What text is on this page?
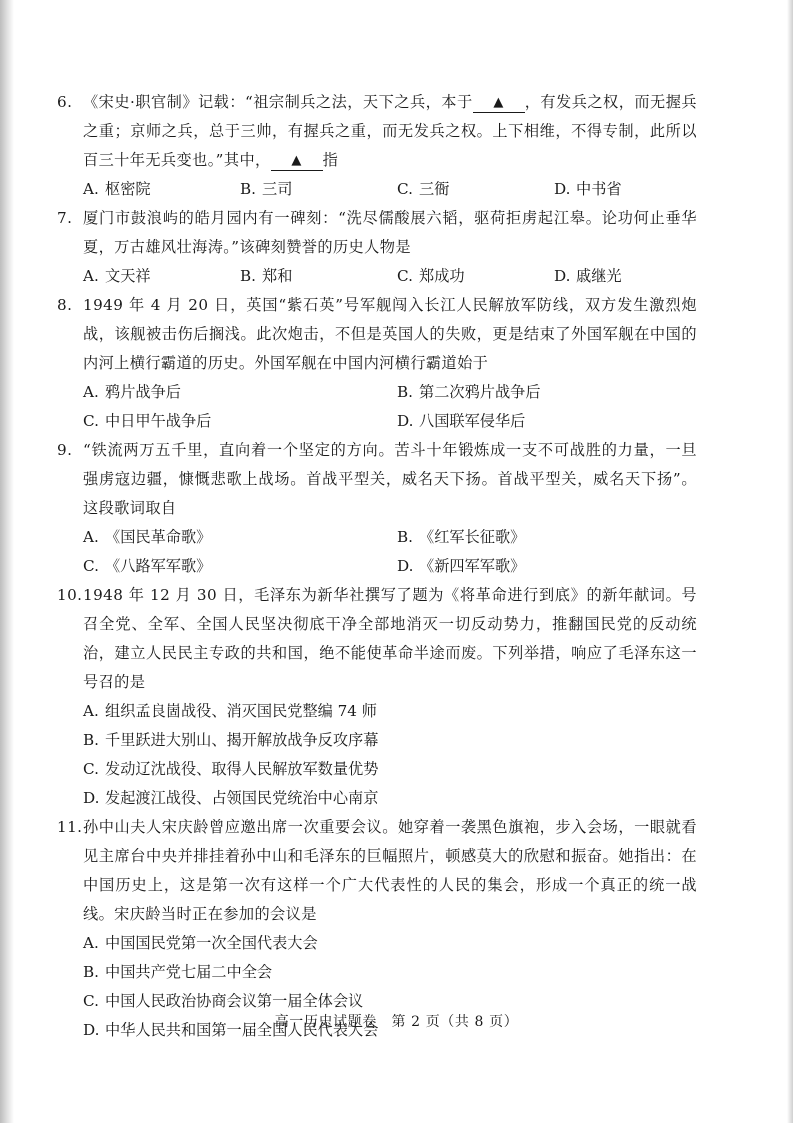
6. 《宋史·职官制》记载：“祖宗制兵之法，天下之兵，本于 ▲ ，有发兵之权，而无握兵之重；京师之兵，总于三帅，有握兵之重，而无发兵之权。上下相维，不得专制，此所以百三十年无兵变也。”其中， ▲ 指
A. 枢密院	B. 三司	C. 三衙	D. 中书省
7. 厦门市鼓浪屿的皓月园内有一碑刻：“洗尽儒酸展六韬，驱荷拒虏起江皋。论功何止垂华夏，万古雄风壮海涛。”该碑刻赞誉的历史人物是
A. 文天祥	B. 郑和	C. 郑成功	D. 戚继光
8. 1949 年 4 月 20 日，英国“紫石英”号军舰闯入长江人民解放军防线，双方发生激烈炮战，该舰被击伤后搁浅。此次炮击，不但是英国人的失败，更是结束了外国军舰在中国的内河上横行霸道的历史。外国军舰在中国内河横行霸道始于
A. 鸦片战争后	B. 第二次鸦片战争后
C. 中日甲午战争后	D. 八国联军侵华后
9. “铁流两万五千里，直向着一个坚定的方向。苦斗十年锻炼成一支不可战胜的力量，一旦强虏寇边疆，慷慨悲歌上战场。首战平型关，威名天下扬。首战平型关，威名天下扬”。这段歌词取自
A. 《国民革命歌》	B. 《红军长征歌》
C. 《八路军军歌》	D. 《新四军军歌》
10. 1948 年 12 月 30 日，毛泽东为新华社撰写了题为《将革命进行到底》的新年献词。号召全党、全军、全国人民坚决彻底干净全部地消灭一切反动势力，推翻国民党的反动统治，建立人民民主专政的共和国，绝不能使革命半途而废。下列举措，响应了毛泽东这一号召的是
A. 组织孟良崮战役、消灭国民党整编 74 师
B. 千里跃进大别山、揭开解放战争反攻序幕
C. 发动辽沈战役、取得人民解放军数量优势
D. 发起渡江战役、占领国民党统治中心南京
11. 孙中山夫人宋庆龄曾应邀出席一次重要会议。她穿着一袭黑色旗袍，步入会场，一眼就看见主席台中央并排挂着孙中山和毛泽东的巨幅照片，顿感莫大的欣慰和振奋。她指出：在中国历史上，这是第一次有这样一个广大代表性的人民的集会，形成一个真正的统一战线。宋庆龄当时正在参加的会议是
A. 中国国民党第一次全国代表大会
B. 中国共产党七届二中全会
C. 中国人民政治协商会议第一届全体会议
D. 中华人民共和国第一届全国人民代表大会
高一历史试题卷　第 2 页（共 8 页）
